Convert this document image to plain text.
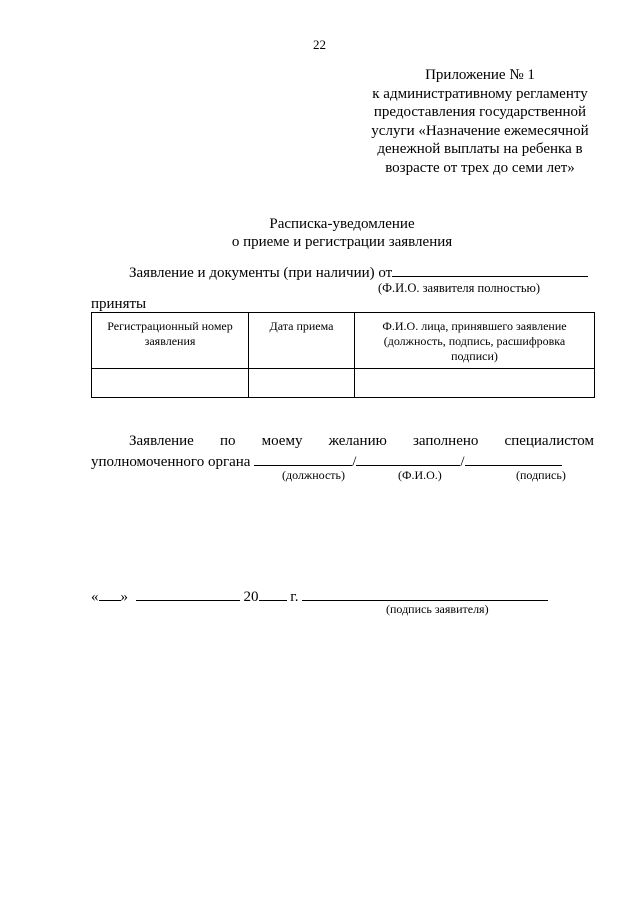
22
Приложение № 1
к административному регламенту
предоставления государственной
услуги «Назначение ежемесячной
денежной выплаты на ребенка в
возрасте от трех до семи лет»
Расписка-уведомление
о приеме и регистрации заявления
Заявление и документы (при наличии) от
(Ф.И.О. заявителя полностью)
приняты
Регистрационный номер заявления	Дата приема	Ф.И.О. лица, принявшего заявление (должность, подпись, расшифровка подписи)

Заявление по моему желанию заполнено специалистом
уполномоченного органа	/	/
(должность)	(Ф.И.О.)	(подпись)
« »	20 г.
(подпись заявителя)
